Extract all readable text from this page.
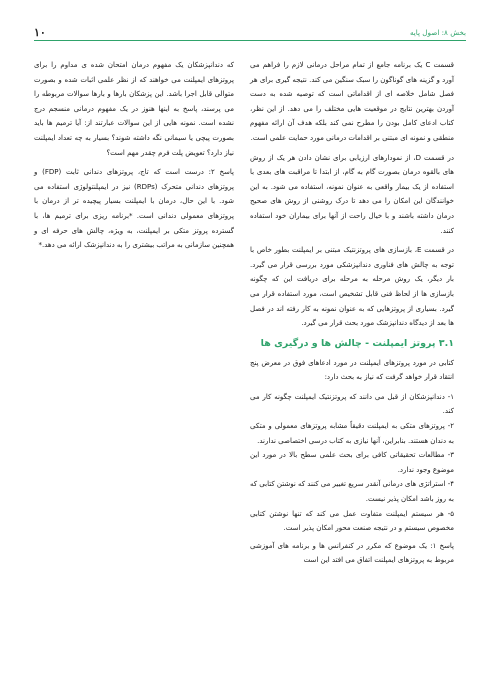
۱۰	بخش ۸: اصول پایه

قسمت C یک برنامه جامع از تمام مراحل درمانی لازم را فراهم می آورد و گزینه های گوناگون را سبک سنگین می کند. نتیجه گیری برای هر فصل شامل خلاصه ای از اقداماتی است که توصیه شده به دست آوردن بهترین نتایج در موقعیت هایی مختلف را می دهد. از این نظر، کتاب ادعای کامل بودن را مطرح نمی کند بلکه هدف آن ارائه مفهوم منطقی و نمونه ای مبتنی بر اقدامات درمانی مورد حمایت علمی است.

در قسمت D، از نمودارهای ارزیابی برای نشان دادن هر یک از روش های بالقوه درمان بصورت گام به گام، از ابتدا تا مراقبت های بعدی با استفاده از یک بیمار واقعی به عنوان نمونه، استفاده می شود. به این خوانندگان این امکان را می دهد تا درک روشنی از روش های صحیح درمان داشته باشند و با خیال راحت از آنها برای بیماران خود استفاده کنند.

در قسمت E، بازسازی های پروتزنتیک مبتنی بر ایمپلنت بطور خاص با توجه به چالش های فناوری دندانپزشکی مورد بررسی قرار می گیرد. بار دیگر، یک روش مرحله به مرحله برای دریافت این که چگونه بازسازی ها از لحاظ فنی قابل تشخیص است، مورد استفاده قرار می گیرد. بسیاری از پروتزهایی که به عنوان نمونه به کار رفته اند در فصل ها بعد از دیدگاه دندانپزشک مورد بحث قرار می گیرد.

۳.۱ پروتز ایمپلنت - چالش ها و درگیری ها

کتابی در مورد پروتزهای ایمپلنت در مورد ادعاهای فوق در معرض پنج انتقاد قرار خواهد گرفت که نیاز به بحث دارد:

۱- دندانپزشکان از قبل می دانند که پروتزنتیک ایمپلنت چگونه کار می کند.

۲- پروتزهای متکی به ایمپلنت دقیقاً مشابه پروتزهای معمولی و متکی به دندان هستند. بنابراین، آنها نیازی به کتاب درسی اختصاصی ندارند.

۳- مطالعات تحقیقاتی کافی برای بحث علمی سطح بالا در مورد این موضوع وجود ندارد.

۴- استراتژی های درمانی آنقدر سریع تغییر می کنند که نوشتن کتابی که به روز باشد امکان پذیر نیست.

۵- هر سیستم ایمپلنت متفاوت عمل می کند که تنها نوشتن کتابی مخصوص سیستم و در نتیجه صنعت محور امکان پذیر است.

پاسخ ۱: یک موضوع که مکرر در کنفرانس ها و برنامه های آموزشی مربوط به پروتزهای ایمپلنت اتفاق می افتد این است

که دندانپزشکان یک مفهوم درمان امتحان شده ی مداوم را برای پروتزهای ایمپلنت می خواهند که از نظر علمی اثبات شده و بصورت متوالی قابل اجرا باشد. این پزشکان بارها و بارها سوالات مربوطه را می پرسند، پاسخ به اینها هنوز در یک مفهوم درمانی منسجم درج نشده است. نمونه هایی از این سوالات عبارتند از: آیا ترمیم ها باید بصورت پیچی یا سیمانی نگه داشته شوند؟ بسیار به چه تعداد ایمپلنت نیاز دارد؟ تعویض پلت فرم چقدر مهم است؟

پاسخ ۲: درست است که تاج، پروتزهای دندانی ثابت (FDP) و پروتزهای دندانی متحرک (RDPs) نیز در ایمپلنتولوژی استفاده می شود. با این حال، درمان با ایمپلنت بسیار پیچیده تر از درمان با پروتزهای معمولی دندانی است. *برنامه ریزی برای ترمیم ها، با گسترده پروتز متکی بر ایمپلنت، به ویژه، چالش های حرفه ای و همچنین سازمانی به مراتب بیشتری را به دندانپزشک ارائه می دهد.*
